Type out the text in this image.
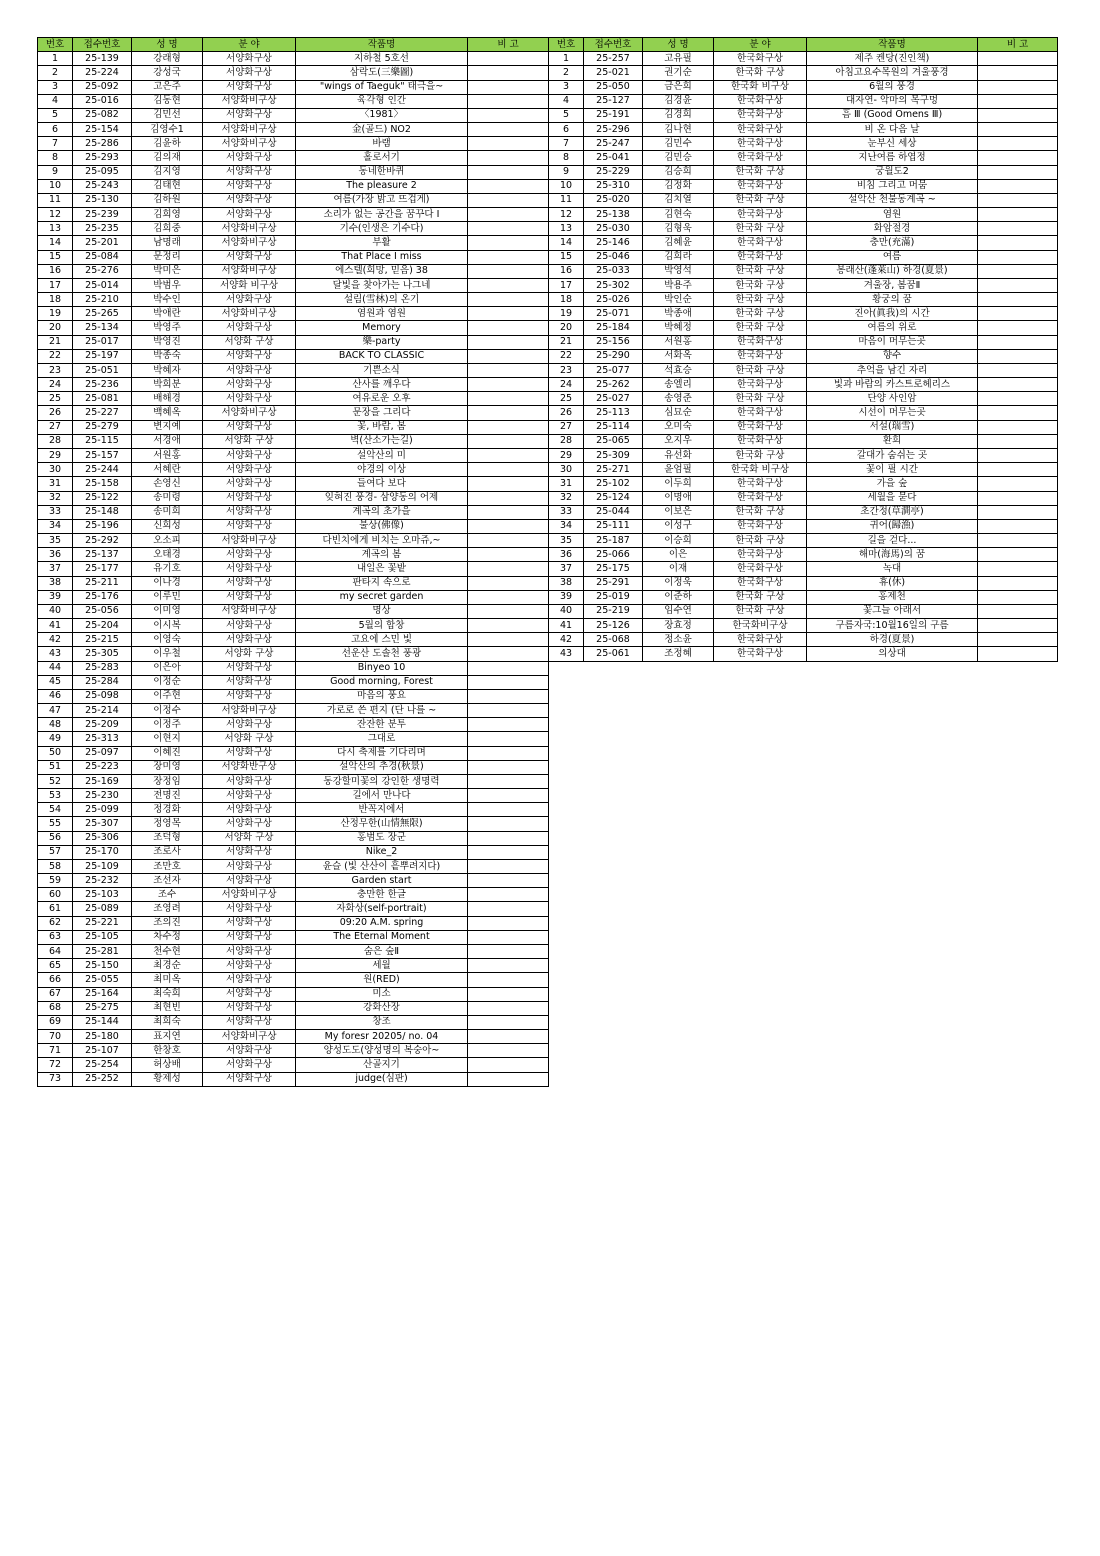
번호	접수번호	성 명	분 야	작품명	비 고
1	25-139	강래형	서양화구상	지하철 5호선	
2	25-224	강성국	서양화구상	삼락도(三樂圖)	
3	25-092	고은주	서양화구상	"wings of Taeguk" 태극을~	
4	25-016	김동현	서양화비구상	육각형 인간	
5	25-082	김민선	서양화구상	〈1981〉	
6	25-154	김영수1	서양화비구상	金(골드) NO2	
7	25-286	김윤하	서양화비구상	바램	
8	25-293	김의재	서양화구상	홀로서기	
9	25-095	김지영	서양화구상	동네한바퀴	
10	25-243	김태현	서양화구상	The pleasure 2	
11	25-130	김하원	서양화구상	여름(가장 밝고 뜨겁게)	
12	25-239	김희영	서양화구상	소리가 없는 공간을 꿈꾸다 I	
13	25-235	김희중	서양화비구상	기수(인생은 기수다)	
14	25-201	남명래	서양화비구상	부활	
15	25-084	문정리	서양화구상	That Place I miss	
16	25-276	박미은	서양화비구상	에스텔(희망, 믿음) 38	
17	25-014	박범우	서양화 비구상	달빛을 찾아가는 나그네	
18	25-210	박수인	서양화구상	설림(雪林)의 온기	
19	25-265	박애란	서양화비구상	염원과 염원	
20	25-134	박영주	서양화구상	Memory	
21	25-017	박영진	서양화 구상	樂-party	
22	25-197	박종숙	서양화구상	BACK TO CLASSIC	
23	25-051	박혜자	서양화구상	기쁜소식	
24	25-236	박희분	서양화구상	산사를 깨우다	
25	25-081	배해경	서양화구상	여유로운 오후	
26	25-227	백혜옥	서양화비구상	문장을 그리다	
27	25-279	변지예	서양화구상	꽃, 바람, 봄	
28	25-115	서경애	서양화 구상	벽(산소가는길)	
29	25-157	서원홍	서양화구상	설악산의 미	
30	25-244	서혜란	서양화구상	야경의 이상	
31	25-158	손영신	서양화구상	들여다 보다	
32	25-122	송미령	서양화구상	잊혀진 풍경- 삼양동의 어제	
33	25-148	송미희	서양화구상	계곡의 초가을	
34	25-196	신희성	서양화구상	불상(佛像)	
35	25-292	오소피	서양화비구상	다빈치에게 비치는 오마쥬,~	
36	25-137	오태경	서양화구상	계곡의 봄	
37	25-177	유기호	서양화구상	내일은 꽃밭	
38	25-211	이나경	서양화구상	판타지 속으로	
39	25-176	이루민	서양화구상	my secret garden	
40	25-056	이미영	서양화비구상	명상	
41	25-204	이시복	서양화구상	5월의 합창	
42	25-215	이영숙	서양화구상	고요에 스민 빛	
43	25-305	이우철	서양화 구상	선운산 도솔천 풍광	
44	25-283	이은아	서양화구상	Binyeo 10	
45	25-284	이정순	서양화구상	Good morning, Forest	
46	25-098	이주현	서양화구상	마음의 풍요	
47	25-214	이정수	서양화비구상	가로로 쓴 편지 (단 나를 ~	
48	25-209	이정주	서양화구상	잔잔한 분투	
49	25-313	이현지	서양화 구상	그대로	
50	25-097	이혜진	서양화구상	다시 축제를 기다리며	
51	25-223	장미영	서양화반구상	설악산의 추경(秋景)	
52	25-169	장정임	서양화구상	동강할미꽃의 강인한 생명력	
53	25-230	전명진	서양화구상	길에서 만나다	
54	25-099	정경화	서양화구상	반꼭지에서	
55	25-307	정영목	서양화구상	산정무한(山情無限)	
56	25-306	조덕형	서양화 구상	홍범도 장군	
57	25-170	조로사	서양화구상	Nike_2	
58	25-109	조만호	서양화구상	윤슬 (빛 산산이 흩뿌려지다)	
59	25-232	조선자	서양화구상	Garden start	
60	25-103	조수	서양화비구상	충만한 한글	
61	25-089	조영려	서양화구상	자화상(self-portrait)	
62	25-221	조의진	서양화구상	09:20 A.M. spring	
63	25-105	차수정	서양화구상	The Eternal Moment	
64	25-281	천수현	서양화구상	숨은 숲Ⅱ	
65	25-150	최경순	서양화구상	세월	
66	25-055	최미옥	서양화구상	원(RED)	
67	25-164	최숙희	서양화구상	미소	
68	25-275	최현빈	서양화구상	강화산장	
69	25-144	최희숙	서양화구상	창조	
70	25-180	표지연	서양화비구상	My foresr 20205/ no. 04	
71	25-107	한창호	서양화구상	양성도도(양성명의 복숭아~	
72	25-254	허상배	서양화구상	산골지기	
73	25-252	황제성	서양화구상	judge(심판)	
번호	접수번호	성 명	분 야	작품명	비 고
1	25-257	고유필	한국화구상	제주 켄당(진인책)	
2	25-021	권기순	한국화 구상	아침고요수목원의 겨울풍경	
3	25-050	금은희	한국화 비구상	6월의 풍경	
4	25-127	김경윤	한국화구상	대자연- 악마의 목구멍	
5	25-191	김경희	한국화구상	흠 Ⅲ (Good Omens Ⅲ)	
6	25-296	김나현	한국화구상	비 온 다음 날	
7	25-247	김민수	한국화구상	눈부신 세상	
8	25-041	김민승	한국화구상	지난여름 하엽정	
9	25-229	김승희	한국화 구상	궁월도2	
10	25-310	김정화	한국화구상	비침 그리고 머뭄	
11	25-020	김치열	한국화 구상	설악산 천불동계곡 ~	
12	25-138	김현숙	한국화구상	염원	
13	25-030	김형욱	한국화 구상	화암절경	
14	25-146	김혜윤	한국화구상	충만(充滿)	
15	25-046	김희라	한국화구상	여름	
16	25-033	박영석	한국화 구상	봉래산(蓬萊山) 하경(夏景)	
17	25-302	박용주	한국화 구상	겨울장, 봄꿈Ⅱ	
18	25-026	박인순	한국화 구상	황궁의 꿈	
19	25-071	박종애	한국화 구상	진아(眞我)의 시간	
20	25-184	박혜정	한국화 구상	여름의 위로	
21	25-156	서원홍	한국화구상	마음이 머무는곳	
22	25-290	서화옥	한국화구상	향수	
23	25-077	석효승	한국화 구상	추억을 남긴 자리	
24	25-262	송엘리	한국화구상	빛과 바람의 카스트로헤리스	
25	25-027	송영준	한국화 구상	단양 사인암	
26	25-113	심묘순	한국화구상	시선이 머무는곳	
27	25-114	오미숙	한국화구상	서설(瑞雪)	
28	25-065	오지우	한국화구상	환희	
29	25-309	유선화	한국화 구상	갈대가 숨쉬는 곳	
30	25-271	윤엄필	한국화 비구상	꽃이 필 시간	
31	25-102	이두희	한국화구상	가을 숲	
32	25-124	이명애	한국화구상	세월을 묻다	
33	25-044	이보은	한국화 구상	초간정(草澗亭)	
34	25-111	이성구	한국화구상	귀어(歸漁)	
35	25-187	이승희	한국화 구상	길을 걷다...	
36	25-066	이은	한국화구상	해마(海馬)의 꿈	
37	25-175	이재	한국화구상	녹대	
38	25-291	이정욱	한국화구상	휴(休)	
39	25-019	이준하	한국화 구상	홍제천	
40	25-219	임수연	한국화 구상	꽃그늘 아래서	
41	25-126	장효정	한국화비구상	구름자국:10월16일의 구름	
42	25-068	정소윤	한국화구상	하경(夏景)	
43	25-061	조정혜	한국화구상	의상대	
